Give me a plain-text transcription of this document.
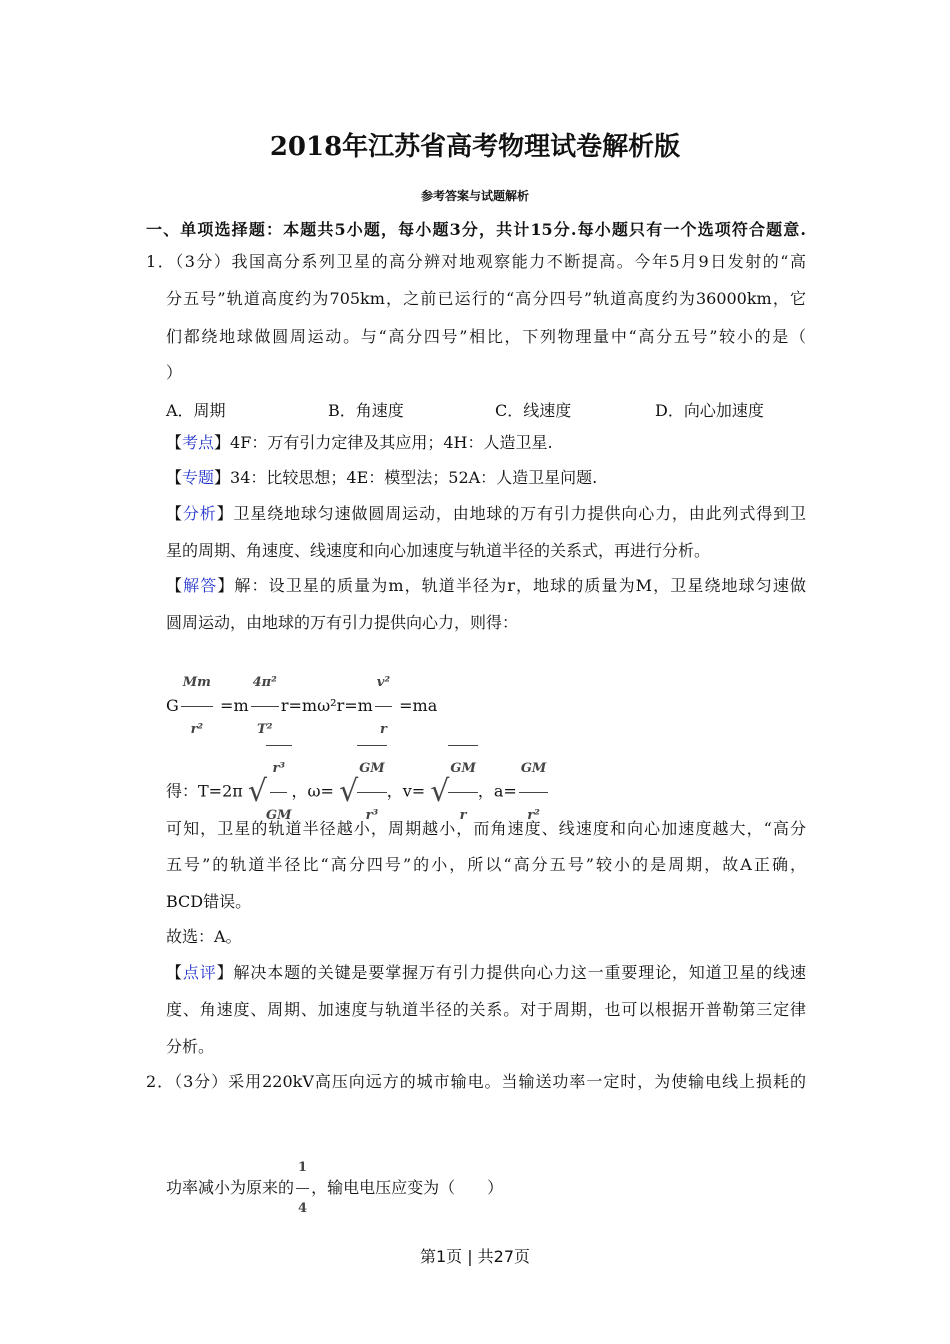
2018年江苏省高考物理试卷解析版
参考答案与试题解析
一、单项选择题：本题共5小题，每小题3分，共计15分.每小题只有一个选项符合题意.
1．（3分）我国高分系列卫星的高分辨对地观察能力不断提高。今年5月9日发射的“高
分五号”轨道高度约为705km，之前已运行的“高分四号”轨道高度约为36000km，它
们都绕地球做圆周运动。与“高分四号”相比，下列物理量中“高分五号”较小的是（
）
A．周期	B．角速度	C．线速度	D．向心加速度
【考点】4F：万有引力定律及其应用；4H：人造卫星.
【专题】34：比较思想；4E：模型法；52A：人造卫星问题.
【分析】卫星绕地球匀速做圆周运动，由地球的万有引力提供向心力，由此列式得到卫
星的周期、角速度、线速度和向心加速度与轨道半径的关系式，再进行分析。
【解答】解：设卫星的质量为m，轨道半径为r，地球的质量为M，卫星绕地球匀速做
圆周运动，由地球的万有引力提供向心力，则得：
G $\frac{Mm}{\text{r²}} =m \frac{\text{4π²}}{\text{T²}} r=m\omega^2r=m \frac{\text{v²}}{r} =ma$
得：T=2π √ $\frac{\text{r³}}{GM}$ ，ω= √ $\frac{GM}{\text{r³}}$ ，v= √ $\frac{GM}{r}$ ，$a= \frac{GM}{\text{r²}}$
可知，卫星的轨道半径越小，周期越小，而角速度、线速度和向心加速度越大，“高分
五号”的轨道半径比“高分四号”的小，所以“高分五号”较小的是周期，故A正确，
BCD错误。
故选：A。
【点评】解决本题的关键是要掌握万有引力提供向心力这一重要理论，知道卫星的线速
度、角速度、周期、加速度与轨道半径的关系。对于周期，也可以根据开普勒第三定律
分析。
2．（3分）采用220kV高压向远方的城市输电。当输送功率一定时，为使输电线上损耗的
功率减小为原来的 $\frac{1}{4}$ ，输电电压应变为（　　）
第1页 | 共27页
